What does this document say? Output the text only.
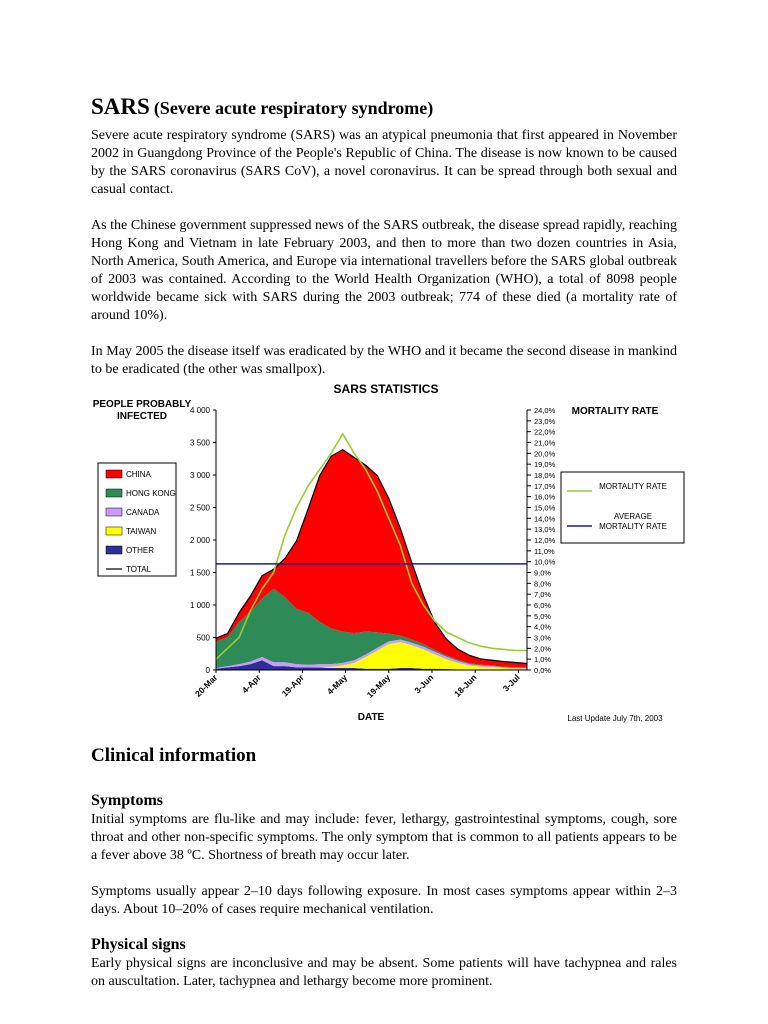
SARS (Severe acute respiratory syndrome)

Severe acute respiratory syndrome (SARS) was an atypical pneumonia that first appeared in November 2002 in Guangdong Province of the People's Republic of China. The disease is now known to be caused by the SARS coronavirus (SARS CoV), a novel coronavirus. It can be spread through both sexual and casual contact.

As the Chinese government suppressed news of the SARS outbreak, the disease spread rapidly, reaching Hong Kong and Vietnam in late February 2003, and then to more than two dozen countries in Asia, North America, South America, and Europe via international travellers before the SARS global outbreak of 2003 was contained. According to the World Health Organization (WHO), a total of 8098 people worldwide became sick with SARS during the 2003 outbreak; 774 of these died (a mortality rate of around 10%).

In May 2005 the disease itself was eradicated by the WHO and it became the second disease in mankind to be eradicated (the other was smallpox).

SARS STATISTICS
PEOPLE PROBABLY
INFECTED	MORTALITY RATE
0
500
1 000
1 500
2 000
2 500
3 000
3 500
4 000
0,0%
1,0%
2,0%
3,0%
4,0%
5,0%
6,0%
7,0%
8,0%
9,0%
10,0%
11,0%
12,0%
13,0%
14,0%
15,0%
16,0%
17,0%
18,0%
19,0%
20,0%
21,0%
22,0%
23,0%
24,0%
20-Mar 4-Apr 19-Apr 4-May 19-May 3-Jun 18-Jun	3-Jul
DATE	Last Update July 7th, 2003
CHINA
HONG KONG
CANADA
TAIWAN
OTHER
TOTAL
MORTALITY RATE
AVERAGE
MORTALITY RATE
Clinical information
Symptoms

Initial symptoms are flu-like and may include: fever, lethargy, gastrointestinal symptoms, cough, sore throat and other non-specific symptoms. The only symptom that is common to all patients appears to be a fever above 38 ºC. Shortness of breath may occur later.

Symptoms usually appear 2–10 days following exposure. In most cases symptoms appear within 2–3 days. About 10–20% of cases require mechanical ventilation.

Physical signs

Early physical signs are inconclusive and may be absent. Some patients will have tachypnea and rales on auscultation. Later, tachypnea and lethargy become more prominent.
